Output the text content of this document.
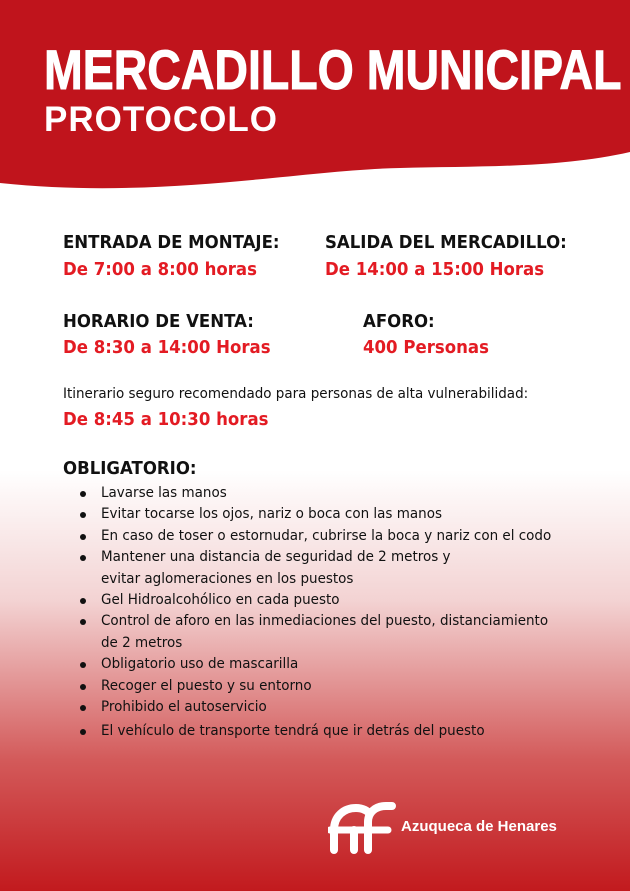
MERCADILLO MUNICIPAL
PROTOCOLO
ENTRADA DE MONTAJE:
De 7:00 a 8:00 horas
SALIDA DEL MERCADILLO:
De 14:00 a 15:00 Horas
HORARIO DE VENTA:
De 8:30 a 14:00 Horas
AFORO:
400 Personas
Itinerario seguro recomendado para personas de alta vulnerabilidad:
De 8:45 a 10:30 horas
OBLIGATORIO:
Lavarse las manos
Evitar tocarse los ojos, nariz o boca con las manos
En caso de toser o estornudar, cubrirse la boca y nariz con el codo
Mantener una distancia de seguridad de 2 metros y evitar aglomeraciones en los puestos
Gel Hidroalcohólico en cada puesto
Control de aforo en las inmediaciones del puesto, distanciamiento de 2 metros
Obligatorio uso de mascarilla
Recoger el puesto y su entorno
Prohibido el autoservicio
El vehículo de transporte tendrá que ir detrás del puesto
Azuqueca de Henares
